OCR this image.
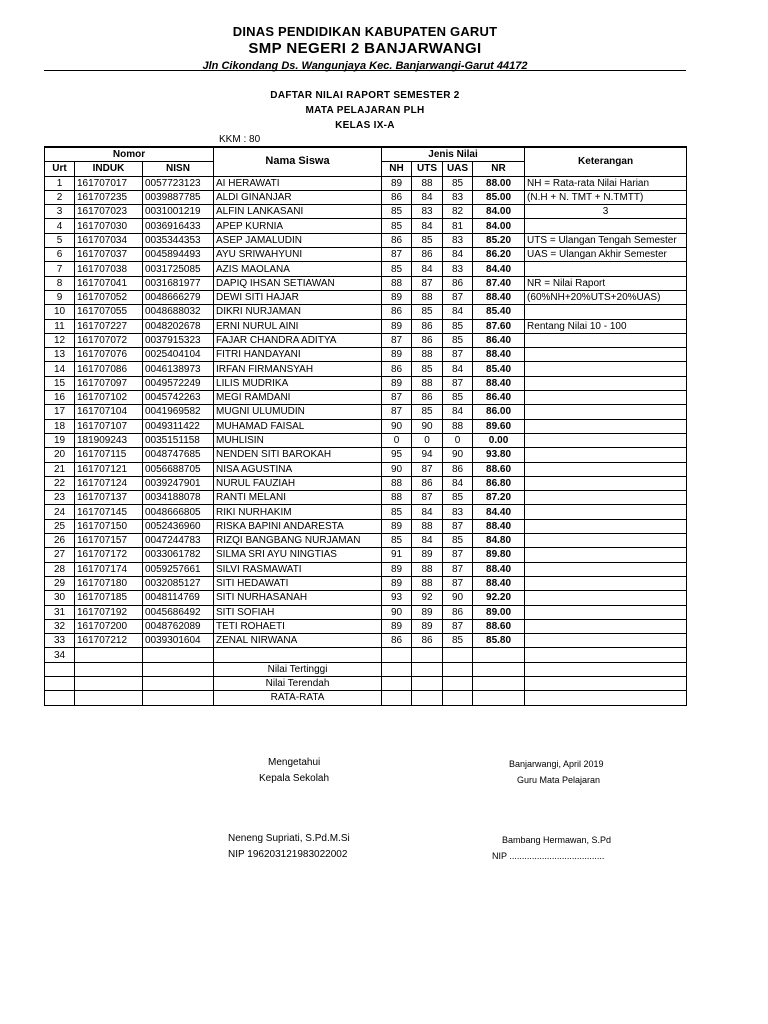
DINAS PENDIDIKAN KABUPATEN GARUT
SMP NEGERI 2 BANJARWANGI
Jln Cikondang Ds. Wangunjaya Kec. Banjarwangi-Garut 44172
DAFTAR NILAI RAPORT SEMESTER 2
MATA PELAJARAN PLH
KELAS IX-A
KKM : 80
Nomor			Nama Siswa	Jenis Nilai				Keterangan
Urt	INDUK	NISN		NH	UTS	UAS	NR	
1	161707017	0057723123	AI HERAWATI	89	88	85	88.00	NH = Rata-rata Nilai Harian
2	161707235	0039887785	ALDI GINANJAR	86	84	83	85.00	(N.H + N. TMT + N.TMTT)
3	161707023	0031001219	ALFIN LANKASANI	85	83	82	84.00	3
4	161707030	0036916433	APEP KURNIA	85	84	81	84.00	
5	161707034	0035344353	ASEP JAMALUDIN	86	85	83	85.20	UTS = Ulangan Tengah Semester
6	161707037	0045894493	AYU SRIWAHYUNI	87	86	84	86.20	UAS = Ulangan Akhir Semester
7	161707038	0031725085	AZIS MAOLANA	85	84	83	84.40	
8	161707041	0031681977	DAPIQ IHSAN SETIAWAN	88	87	86	87.40	NR = Nilai Raport
9	161707052	0048666279	DEWI SITI HAJAR	89	88	87	88.40	(60%NH+20%UTS+20%UAS)
10	161707055	0048688032	DIKRI NURJAMAN	86	85	84	85.40	
11	161707227	0048202678	ERNI NURUL AINI	89	86	85	87.60	Rentang Nilai 10 - 100
12	161707072	0037915323	FAJAR CHANDRA ADITYA	87	86	85	86.40	
13	161707076	0025404104	FITRI HANDAYANI	89	88	87	88.40	
14	161707086	0046138973	IRFAN FIRMANSYAH	86	85	84	85.40	
15	161707097	0049572249	LILIS MUDRIKA	89	88	87	88.40	
16	161707102	0045742263	MEGI RAMDANI	87	86	85	86.40	
17	161707104	0041969582	MUGNI ULUMUDIN	87	85	84	86.00	
18	161707107	0049311422	MUHAMAD FAISAL	90	90	88	89.60	
19	181909243	0035151158	MUHLISIN	0	0	0	0.00	
20	161707115	0048747685	NENDEN SITI BAROKAH	95	94	90	93.80	
21	161707121	0056688705	NISA AGUSTINA	90	87	86	88.60	
22	161707124	0039247901	NURUL FAUZIAH	88	86	84	86.80	
23	161707137	0034188078	RANTI MELANI	88	87	85	87.20	
24	161707145	0048666805	RIKI NURHAKIM	85	84	83	84.40	
25	161707150	0052436960	RISKA BAPINI ANDARESTA	89	88	87	88.40	
26	161707157	0047244783	RIZQI BANGBANG NURJAMAN	85	84	85	84.80	
27	161707172	0033061782	SILMA SRI AYU NINGTIAS	91	89	87	89.80	
28	161707174	0059257661	SILVI RASMAWATI	89	88	87	88.40	
29	161707180	0032085127	SITI HEDAWATI	89	88	87	88.40	
30	161707185	0048114769	SITI NURHASANAH	93	92	90	92.20	
31	161707192	0045686492	SITI SOFIAH	90	89	86	89.00	
32	161707200	0048762089	TETI ROHAETI	89	89	87	88.60	
33	161707212	0039301604	ZENAL NIRWANA	86	86	85	85.80	
34								
			Nilai Tertinggi					
			Nilai Terendah					
			RATA-RATA					
Mengetahui
Kepala Sekolah
Neneng Supriati, S.Pd.M.Si
NIP 196203121983022002
Banjarwangi, April 2019
Guru Mata Pelajaran
Bambang Hermawan, S.Pd
NIP ......................................
